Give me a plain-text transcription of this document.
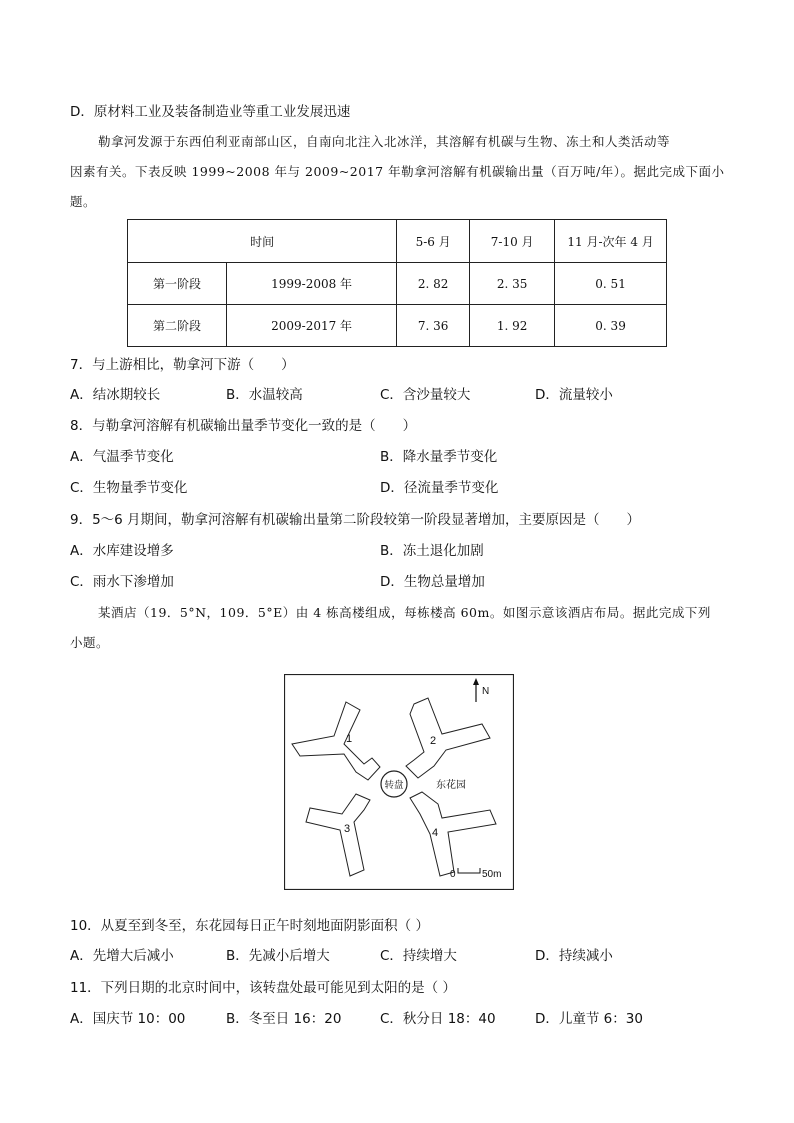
D．原材料工业及装备制造业等重工业发展迅速
勒拿河发源于东西伯利亚南部山区，自南向北注入北冰洋，其溶解有机碳与生物、冻土和人类活动等
因素有关。下表反映 1999~2008 年与 2009~2017 年勒拿河溶解有机碳输出量（百万吨/年）。据此完成下面小
题。
时间		5-6 月	7-10 月	11 月-次年 4 月
第一阶段	1999-2008 年	2. 82	2. 35	0. 51
第二阶段	2009-2017 年	7. 36	1. 92	0. 39
7．与上游相比，勒拿河下游（　　）
A．结冰期较长	B．水温较高	C．含沙量较大	D．流量较小
8．与勒拿河溶解有机碳输出量季节变化一致的是（　　）
A．气温季节变化	B．降水量季节变化
C．生物量季节变化	D．径流量季节变化
9．5～6 月期间，勒拿河溶解有机碳输出量第二阶段较第一阶段显著增加，主要原因是（　　）
A．水库建设增多	B．冻土退化加剧
C．雨水下渗增加	D．生物总量增加
某酒店（19．5°N，109．5°E）由 4 栋高楼组成，每栋楼高 60m。如图示意该酒店布局。据此完成下列
小题。
N
1	2
3	4
转盘	东花园
0	50m
10．从夏至到冬至，东花园每日正午时刻地面阴影面积（ ）
A．先增大后减小	B．先减小后增大	C．持续增大	D．持续减小
11．下列日期的北京时间中，该转盘处最可能见到太阳的是（ ）
A．国庆节 10：00	B．冬至日 16：20	C．秋分日 18：40	D．儿童节 6：30
